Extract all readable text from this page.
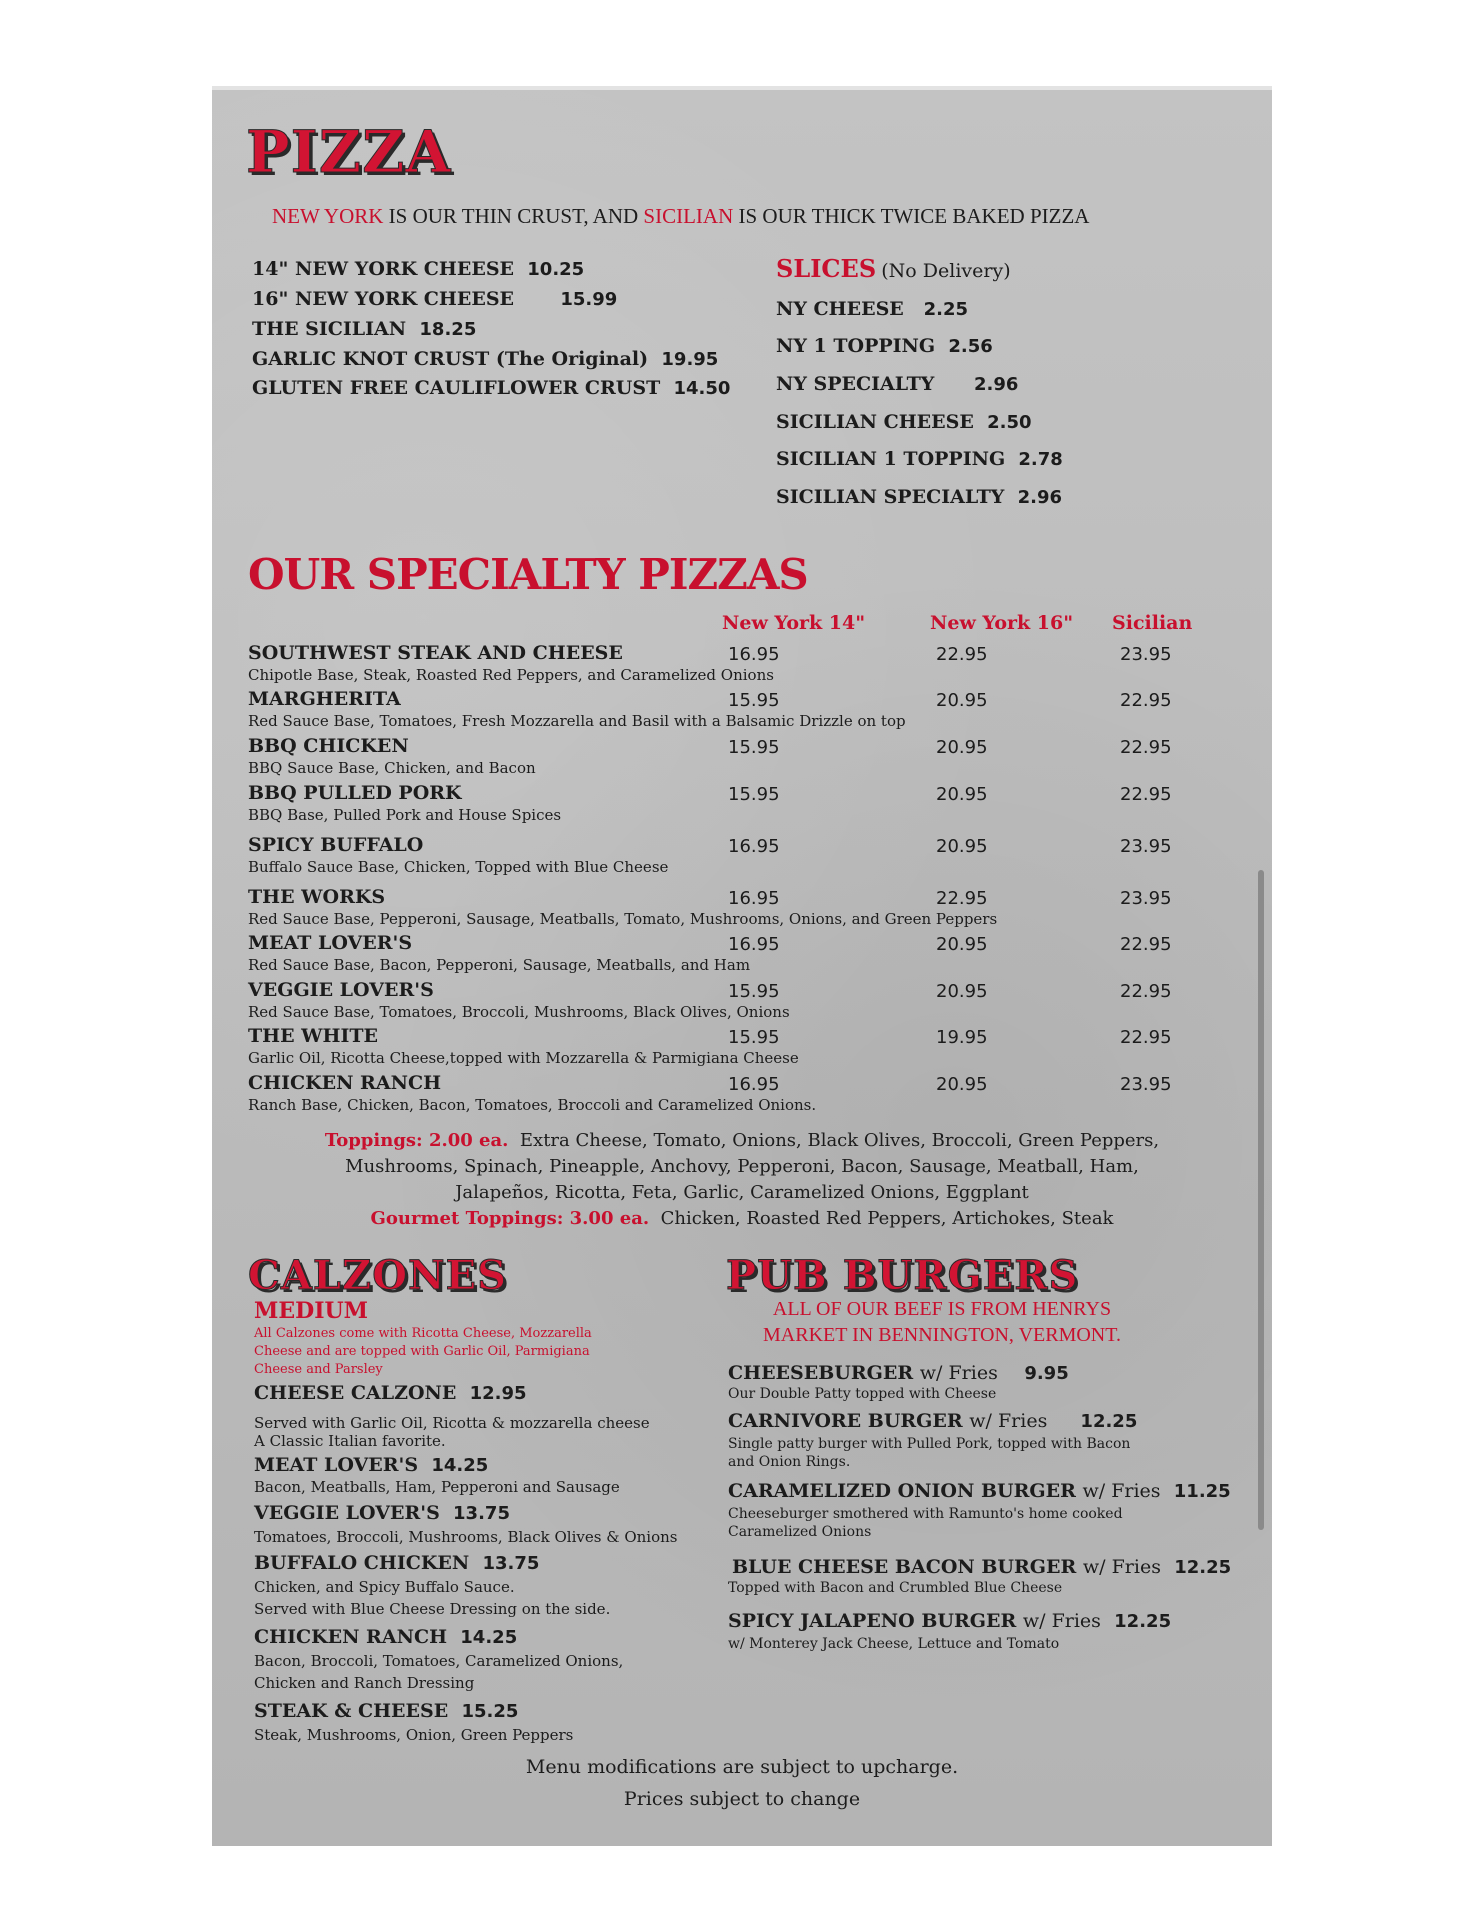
PIZZA
NEW YORK IS OUR THIN CRUST, AND SICILIAN IS OUR THICK TWICE BAKED PIZZA
14" NEW YORK CHEESE 10.25
16" NEW YORK CHEESE	15.99
THE SICILIAN 18.25
GARLIC KNOT CRUST (The Original) 19.95
GLUTEN FREE CAULIFLOWER CRUST 14.50
SLICES (No Delivery)
NY CHEESE 2.25
NY 1 TOPPING 2.56
NY SPECIALTY 2.96
SICILIAN CHEESE 2.50
SICILIAN 1 TOPPING 2.78
SICILIAN SPECIALTY 2.96
OUR SPECIALTY PIZZAS
New York 14"	New York 16" Sicilian
SOUTHWEST STEAK AND CHEESE
Chipotle Base, Steak, Roasted Red Peppers, and Caramelized Onions
16.95	22.95	23.95
MARGHERITA
Red Sauce Base, Tomatoes, Fresh Mozzarella and Basil with a Balsamic Drizzle on top
15.95	20.95	22.95
BBQ CHICKEN
BBQ Sauce Base, Chicken, and Bacon
15.95	20.95	22.95
BBQ PULLED PORK
BBQ Base, Pulled Pork and House Spices
15.95	20.95	22.95
SPICY BUFFALO
Buffalo Sauce Base, Chicken, Topped with Blue Cheese
16.95	20.95	23.95
THE WORKS
Red Sauce Base, Pepperoni, Sausage, Meatballs, Tomato, Mushrooms, Onions, and Green Peppers
16.95	22.95	23.95
MEAT LOVER'S
Red Sauce Base, Bacon, Pepperoni, Sausage, Meatballs, and Ham
16.95	20.95	22.95
VEGGIE LOVER'S
Red Sauce Base, Tomatoes, Broccoli, Mushrooms, Black Olives, Onions
15.95	20.95	22.95
THE WHITE
Garlic Oil, Ricotta Cheese,topped with Mozzarella & Parmigiana Cheese
15.95	19.95	22.95
CHICKEN RANCH
Ranch Base, Chicken, Bacon, Tomatoes, Broccoli and Caramelized Onions.
16.95	20.95	23.95
Toppings: 2.00 ea. Extra Cheese, Tomato, Onions, Black Olives, Broccoli, Green Peppers,
Mushrooms, Spinach, Pineapple, Anchovy, Pepperoni, Bacon, Sausage, Meatball, Ham,
Jalapeños, Ricotta, Feta, Garlic, Caramelized Onions, Eggplant
Gourmet Toppings: 3.00 ea. Chicken, Roasted Red Peppers, Artichokes, Steak
CALZONES
MEDIUM
All Calzones come with Ricotta Cheese, Mozzarella
Cheese and are topped with Garlic Oil, Parmigiana
Cheese and Parsley
CHEESE CALZONE 12.95
Served with Garlic Oil, Ricotta & mozzarella cheese
A Classic Italian favorite.
MEAT LOVER'S 14.25
Bacon, Meatballs, Ham, Pepperoni and Sausage
VEGGIE LOVER'S 13.75
Tomatoes, Broccoli, Mushrooms, Black Olives & Onions
BUFFALO CHICKEN 13.75
Chicken, and Spicy Buffalo Sauce.
Served with Blue Cheese Dressing on the side.
CHICKEN RANCH 14.25
Bacon, Broccoli, Tomatoes, Caramelized Onions,
Chicken and Ranch Dressing
STEAK & CHEESE 15.25
Steak, Mushrooms, Onion, Green Peppers
PUB BURGERS
ALL OF OUR BEEF IS FROM HENRYS
MARKET IN BENNINGTON, VERMONT.
CHEESEBURGER w/ Fries 9.95
Our Double Patty topped with Cheese
CARNIVORE BURGER w/ Fries 12.25
Single patty burger with Pulled Pork, topped with Bacon
and Onion Rings.
CARAMELIZED ONION BURGER w/ Fries 11.25
Cheeseburger smothered with Ramunto's home cooked
Caramelized Onions
BLUE CHEESE BACON BURGER w/ Fries 12.25
Topped with Bacon and Crumbled Blue Cheese
SPICY JALAPENO BURGER w/ Fries 12.25
w/ Monterey Jack Cheese, Lettuce and Tomato
Menu modifications are subject to upcharge.
Prices subject to change
